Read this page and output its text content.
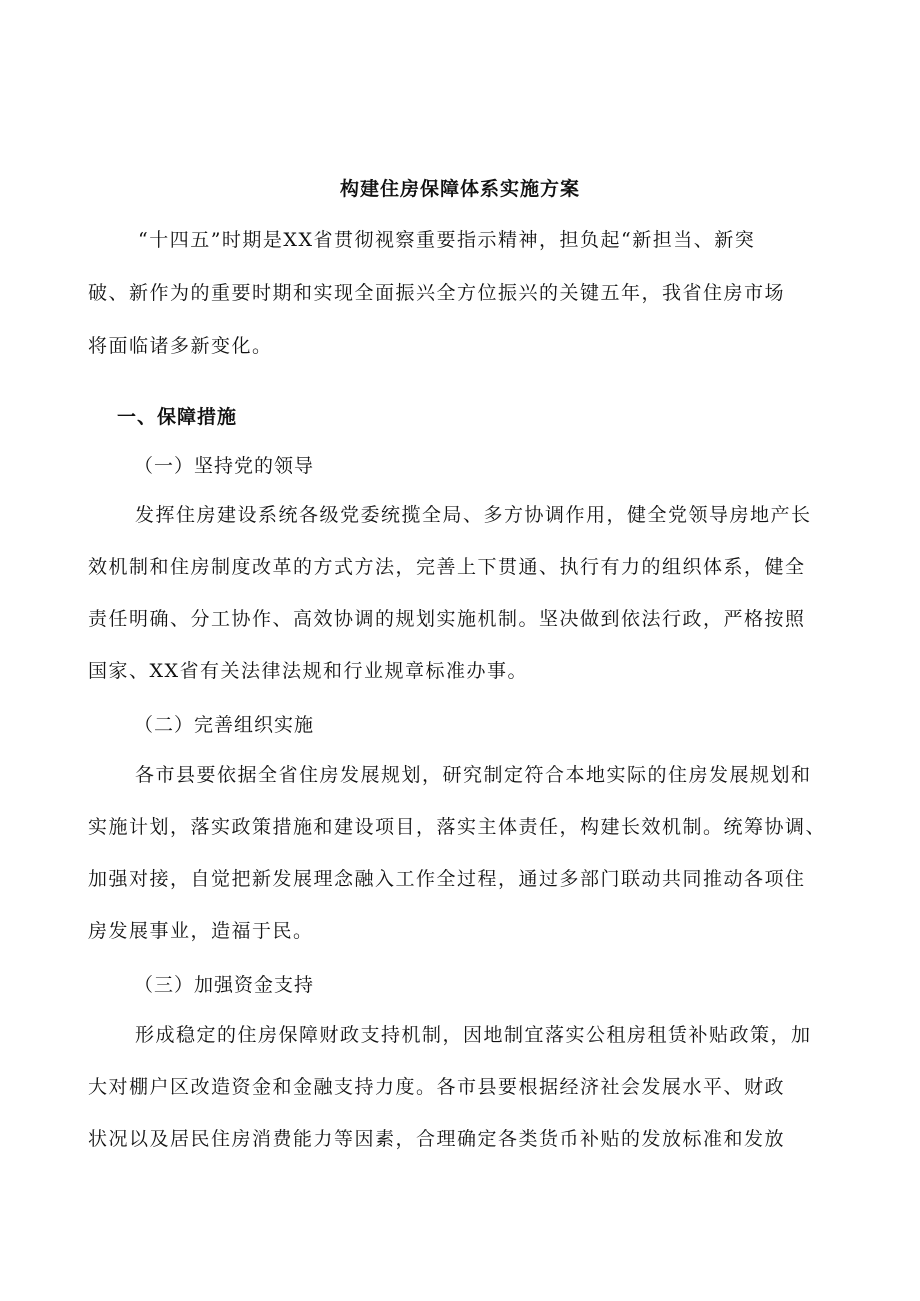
构建住房保障体系实施方案
“十四五”时期是XX省贯彻视察重要指示精神，担负起“新担当、新突
破、新作为的重要时期和实现全面振兴全方位振兴的关键五年，我省住房市场
将面临诸多新变化。
一、保障措施
（一）坚持党的领导
发挥住房建设系统各级党委统揽全局、多方协调作用，健全党领导房地产长
效机制和住房制度改革的方式方法，完善上下贯通、执行有力的组织体系，健全
责任明确、分工协作、高效协调的规划实施机制。坚决做到依法行政，严格按照
国家、XX省有关法律法规和行业规章标准办事。
（二）完善组织实施
各市县要依据全省住房发展规划，研究制定符合本地实际的住房发展规划和
实施计划，落实政策措施和建设项目，落实主体责任，构建长效机制。统筹协调、
加强对接，自觉把新发展理念融入工作全过程，通过多部门联动共同推动各项住
房发展事业，造福于民。
（三）加强资金支持
形成稳定的住房保障财政支持机制，因地制宜落实公租房租赁补贴政策，加
大对棚户区改造资金和金融支持力度。各市县要根据经济社会发展水平、财政
状况以及居民住房消费能力等因素，合理确定各类货币补贴的发放标准和发放
